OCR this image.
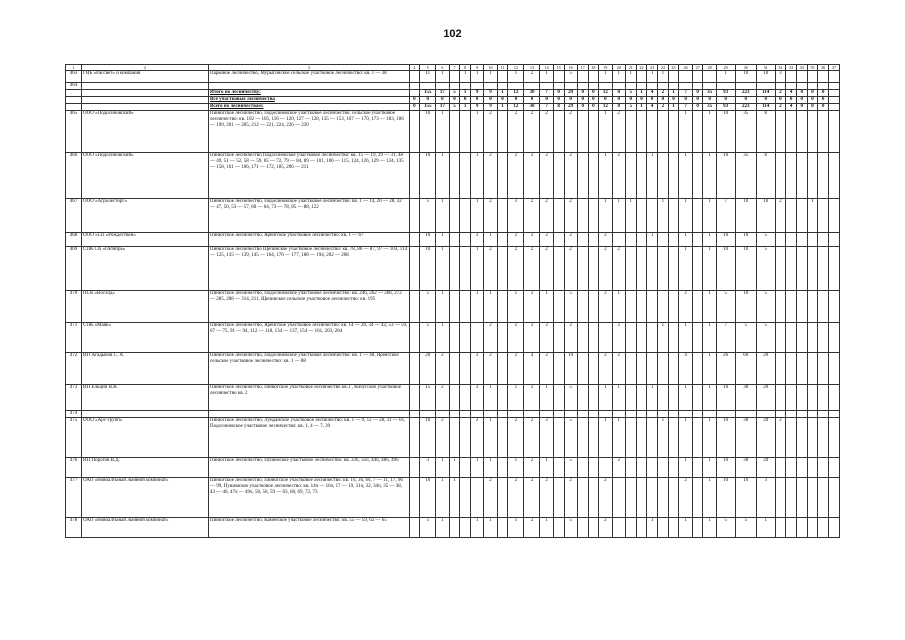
102
1	2	3	4	5	6	7	8	9	10	11	12	13	14	15	16	17	18	19	20	21	22	23	24	25	26	27	28	29	30	31	32	33	34	35	36	37
463	ГИБ «Рассвет» и компания	Парковое лесничество, Мурыгинское сельское участковое лесничество: кв. 1 — 38		11	1		1	1	1		1	2	1		5			1	1	1		1	1					1	10	10	3					
464																																				
		Итого по лесничеству:		155	17	5	1	9	9	1	12	30	7	0	29	0	0	12	8	5	1	4	2	1	7	0	35	93	223	114	2	4	0	0	0	
		Все участковые лесничества	0	0	0	0	0	0	0	0	0	0	0	0	0	0	0	0	0	0	0	0	0	0	0	0	0	0	0	0	0	0	0	0	0	
		Всего по лесничествам:	0	155	17	5	1	9	9	1	12	30	7	8	29	0	0	12	8	5	1	4	2	1	7	0	35	93	223	114	2	4	0	0	0	
465	ООО «Подосиновский»	Пинюгское лесничество, Подосиновское участковое лесничество: сельское участковое лесничество: кв. 102 — 105, 116 — 120, 127 — 128, 135 — 153, 167 — 170, 173 — 183, 186 — 199, 201 — 205, 212 — 221, 224, 226 — 230		10	1			1	2		2	2	2		2			1	2						1		1	10	35	8						
466	ООО «Подосиновский»	Пинюгское лесничество Подосиновское участковое лесничество: кв. 15 — 19, 29 — 31, 48 — 49, 51 — 52, 58 — 59, 65 — 72, 79 — 84, 89 — 101, 106 — 115, 124, 126, 129 — 134, 135 — 158, 161 — 166, 171 — 172, 185, 206 — 211		10	1			1	2		2	2	2		2			1	2			1			1		1	10	35	8						
467	ООО «Агролесторг»	Пинюгское лесничество, Подосиновское участковое лесничество: кв. 1 — 14, 20 — 28, 32 — 47, 50, 53 — 57, 60 — 64, 73 — 78, 85 — 88, 122		5	1			1	2		3	2	2		2			1	1	1			1		1		1	7	10	10	2			1		
468	ООО «СП «Рождествен»	Пинюгское лесничество, Яренгское участковое лесничество: кв. 1 — 67		10	1			2	1		2	2	2		2			2				1			1		1	10	10	5						
469	СПК СА «Октябрь»	Пинюгское лесничество Щепинское участковое лесничество: кв. 78, 86 — 87, 97 — 103, 114 — 125, 135 — 139, 145 — 164, 176 — 177, 188 — 194, 202 — 208		10	1			1	2		2	2	2		2			2	2						1		1	10	10	5						
470	ПСК «Восход»	Пинюгское лесничество, Подосиновское участковое лесничество: кв. 246, 262 — 266, 272 — 285, 288 — 314, 211, Щепинское сельское участковое лесничество: кв. 195		5	1			1	1		1	2	1		5			2	1						2		1	5	10	5						
471	СПК «Маяк»	Пинюгское лесничество, Яренгское участковое лесничество: кв. 14 — 20, 34 — 42, 53 — 59, 67 — 75, 91 — 94, 112 — 118, 134 — 137, 154 — 161, 203, 204		5	1				2		2	2	2		2				2				1		1		1	7	5	5						
472	ИП Агадыков С. А.	Пинюгское лесничество, Подосиновское участковое лесничество: кв. 1 — 48, Яренгское сельское участковое лесничество: кв. 1 — 88		20	2			2	2		2	4	2		10			2	2						4		1	26	60	20						
473	ИП Ельцин В.В.	Пинюгское лесничество, Пинюгское участковое лесничество кв.1 , Кичугское участковое лесничество кв. 2		15	2			2	1		1	2	1		5			1	1			1			1		1	10	30	20						
474																																				
475	ООО «Арс-групп»	Пинюгское лесничество, Лунданское участковое лесничество: кв. 1 — 9, 12 — 28, 31 — 61, Подосиновское участковое лесничество: кв. 1, 4 — 7, 39		10	2			2	1		2	2	2		5			1	1				1		1		1	10	30	20	2					
476	ИП Порогов В.Д.	Пинюгское лесничество, Пушемское участковое лесничество: кв. 33ч, 35ч, 44ч, 48ч, 49ч		3	1	1		1	1		1	2	1		5				2						1		1	10	30	20						
477	ОАО «Новоалтьный льняной комбинат»	Пинюгское лесничество, Пинюгское участковое лесничество: кв. 1ч, 3ч, 6ч, 7 — 11, 17, 96 — 99, Пушемское участковое лесничество: кв. 14ч — 16ч, 17 — 19, 31ч, 32, 34ч, 35 — 38, 43 — 46, 47ч — 49ч, 50, 56, 59 — 63, 68, 69, 72, 73		10	1	1			2		2	2	2		2			2							2		1	10	10	3						
478	ОАО «Новоалтьный льняной комбинат»	Пинюгское лесничество, Каменское участковое лесничество: кв. 55 — 59, 62 — 65		5	1			1	1		1	2	1		5			2				1			1		1	5	5	1						
